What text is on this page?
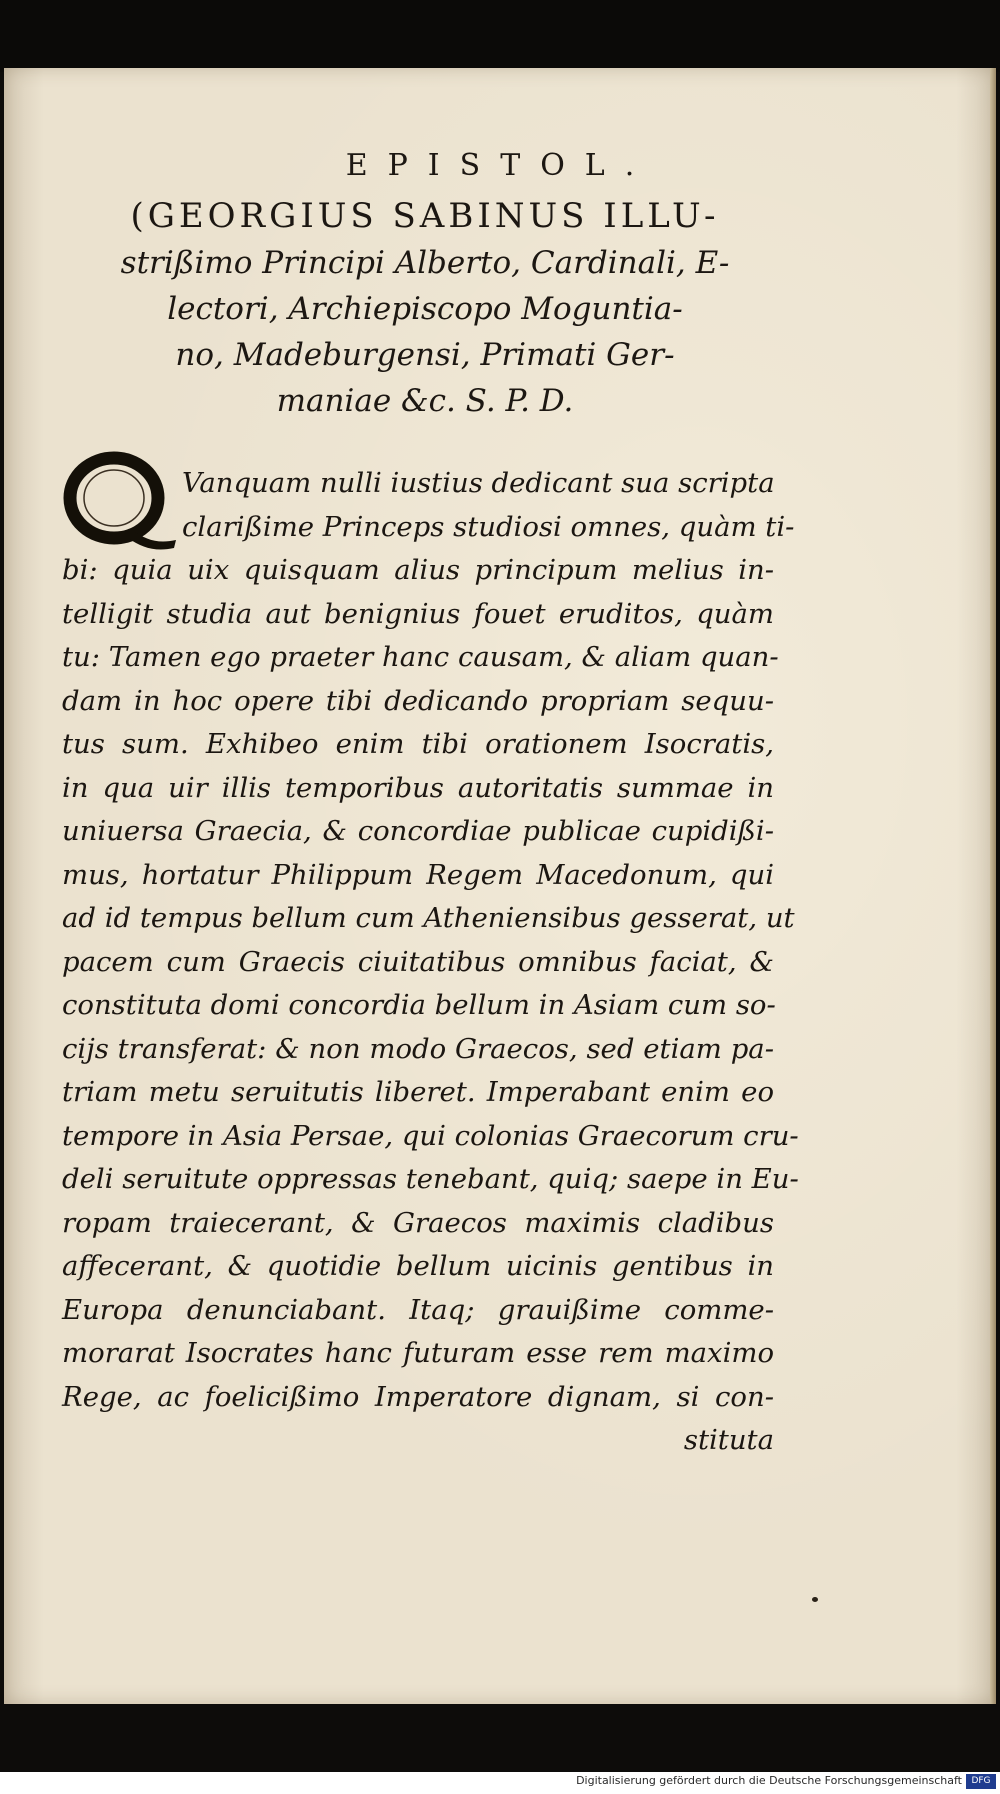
EPISTOL.
(GEORGIUS SABINUS ILLU-
strißimo Principi Alberto, Cardinali, E-
lectori, Archiepiscopo Moguntia-
no, Madeburgensi, Primati Ger-
maniae &c. S. P. D.
Vanquam nulli iustius dedicant sua scripta
clarißime Princeps studiosi omnes, quàm ti-
bi: quia uix quisquam alius principum melius in-
telligit studia aut benignius fouet eruditos, quàm
tu: Tamen ego praeter hanc causam, & aliam quan-
dam in hoc opere tibi dedicando propriam sequu-
tus sum. Exhibeo enim tibi orationem Isocratis,
in qua uir illis temporibus autoritatis summae in
uniuersa Graecia, & concordiae publicae cupidißi-
mus, hortatur Philippum Regem Macedonum, qui
ad id tempus bellum cum Atheniensibus gesserat, ut
pacem cum Graecis ciuitatibus omnibus faciat, &
constituta domi concordia bellum in Asiam cum so-
cijs transferat: & non modo Graecos, sed etiam pa-
triam metu seruitutis liberet. Imperabant enim eo
tempore in Asia Persae, qui colonias Graecorum cru-
deli seruitute oppressas tenebant, quiq; saepe in Eu-
ropam traiecerant, & Graecos maximis cladibus
affecerant, & quotidie bellum uicinis gentibus in
Europa denunciabant. Itaq; grauißime comme-
morarat Isocrates hanc futuram esse rem maximo
Rege, ac foelicißimo Imperatore dignam, si con-
stituta
Digitalisierung gefördert durch die Deutsche Forschungsgemeinschaft	DFG
